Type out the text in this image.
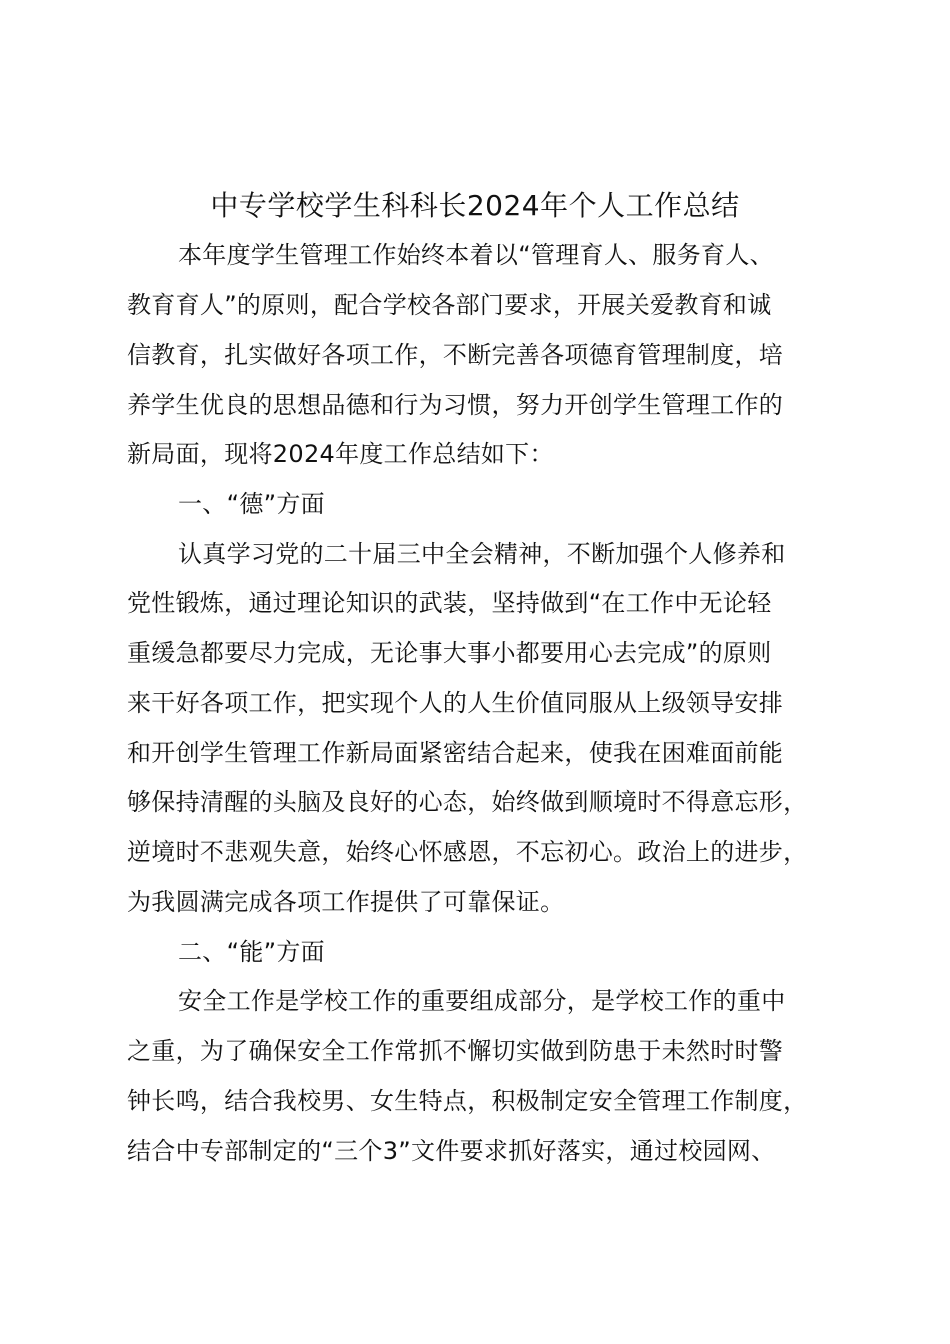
中专学校学生科科长2024年个人工作总结
本年度学生管理工作始终本着以“管理育人、服务育人、
教育育人”的原则，配合学校各部门要求，开展关爱教育和诚
信教育，扎实做好各项工作，不断完善各项德育管理制度，培
养学生优良的思想品德和行为习惯，努力开创学生管理工作的
新局面，现将2024年度工作总结如下：
一、“德”方面
认真学习党的二十届三中全会精神，不断加强个人修养和
党性锻炼，通过理论知识的武装，坚持做到“在工作中无论轻
重缓急都要尽力完成，无论事大事小都要用心去完成”的原则
来干好各项工作，把实现个人的人生价值同服从上级领导安排
和开创学生管理工作新局面紧密结合起来，使我在困难面前能
够保持清醒的头脑及良好的心态，始终做到顺境时不得意忘形，
逆境时不悲观失意，始终心怀感恩，不忘初心。政治上的进步，
为我圆满完成各项工作提供了可靠保证。
二、“能”方面
安全工作是学校工作的重要组成部分，是学校工作的重中
之重，为了确保安全工作常抓不懈切实做到防患于未然时时警
钟长鸣，结合我校男、女生特点，积极制定安全管理工作制度，
结合中专部制定的“三个3”文件要求抓好落实，通过校园网、
